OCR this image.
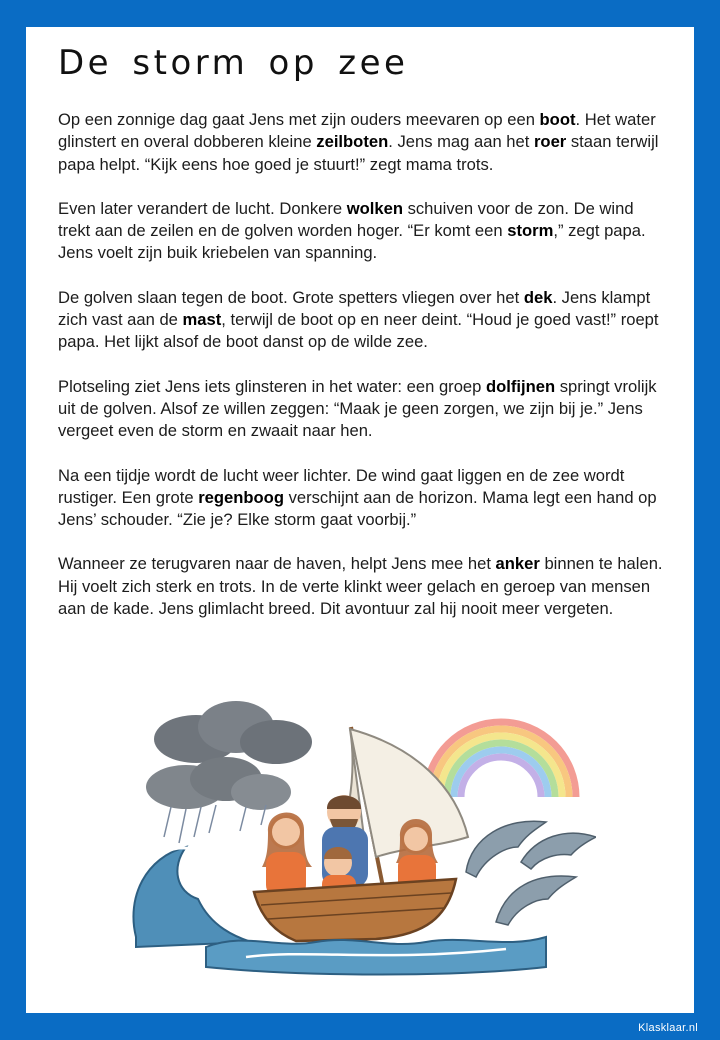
De storm op zee

Op een zonnige dag gaat Jens met zijn ouders meevaren op een boot. Het water glinstert en overal dobberen kleine zeilboten. Jens mag aan het roer staan terwijl papa helpt. “Kijk eens hoe goed je stuurt!” zegt mama trots.

Even later verandert de lucht. Donkere wolken schuiven voor de zon. De wind trekt aan de zeilen en de golven worden hoger. “Er komt een storm,” zegt papa. Jens voelt zijn buik kriebelen van spanning.

De golven slaan tegen de boot. Grote spetters vliegen over het dek. Jens klampt zich vast aan de mast, terwijl de boot op en neer deint. “Houd je goed vast!” roept papa. Het lijkt alsof de boot danst op de wilde zee.

Plotseling ziet Jens iets glinsteren in het water: een groep dolfijnen springt vrolijk uit de golven. Alsof ze willen zeggen: “Maak je geen zorgen, we zijn bij je.” Jens vergeet even de storm en zwaait naar hen.

Na een tijdje wordt de lucht weer lichter. De wind gaat liggen en de zee wordt rustiger. Een grote regenboog verschijnt aan de horizon. Mama legt een hand op Jens’ schouder. “Zie je? Elke storm gaat voorbij.”

Wanneer ze terugvaren naar de haven, helpt Jens mee het anker binnen te halen. Hij voelt zich sterk en trots. In de verte klinkt weer gelach en geroep van mensen aan de kade. Jens glimlacht breed. Dit avontuur zal hij nooit meer vergeten.

Klasklaar.nl
